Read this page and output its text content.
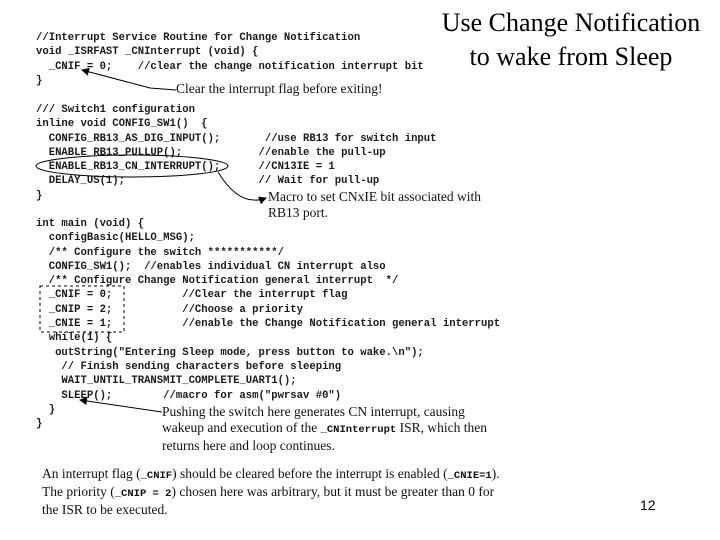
Use Change Notification
to wake from Sleep
//Interrupt Service Routine for Change Notification
void _ISRFAST _CNInterrupt (void) {
_CNIF = 0;    //clear the change notification interrupt bit
}
/// Switch1 configuration
inline void CONFIG_SW1()  {
CONFIG_RB13_AS_DIG_INPUT();       //use RB13 for switch input
ENABLE_RB13_PULLUP();            //enable the pull-up
ENABLE_RB13_CN_INTERRUPT();      //CN13IE = 1
DELAY_US(1);                     // Wait for pull-up
}
int main (void) {
configBasic(HELLO_MSG);
/** Configure the switch ***********/
CONFIG_SW1();  //enables individual CN interrupt also
/** Configure Change Notification general interrupt  */
_CNIF = 0;           //Clear the interrupt flag
_CNIP = 2;           //Choose a priority
_CNIE = 1;           //enable the Change Notification general interrupt
while(1) {
outString("Entering Sleep mode, press button to wake.\n");
// Finish sending characters before sleeping
WAIT_UNTIL_TRANSMIT_COMPLETE_UART1();
SLEEP();        //macro for asm("pwrsav #0")
}
}
Clear the interrupt flag before exiting!
Macro to set CNxIE bit associated with
RB13 port.
Pushing the switch here generates CN interrupt, causing
wakeup and execution of the _CNInterrupt ISR, which then
returns here and loop continues.
An interrupt flag (_CNIF) should be cleared before the interrupt is enabled (_CNIE=1).
The priority (_CNIP = 2) chosen here was arbitrary, but it must be greater than 0 for
the ISR to be executed.	12
